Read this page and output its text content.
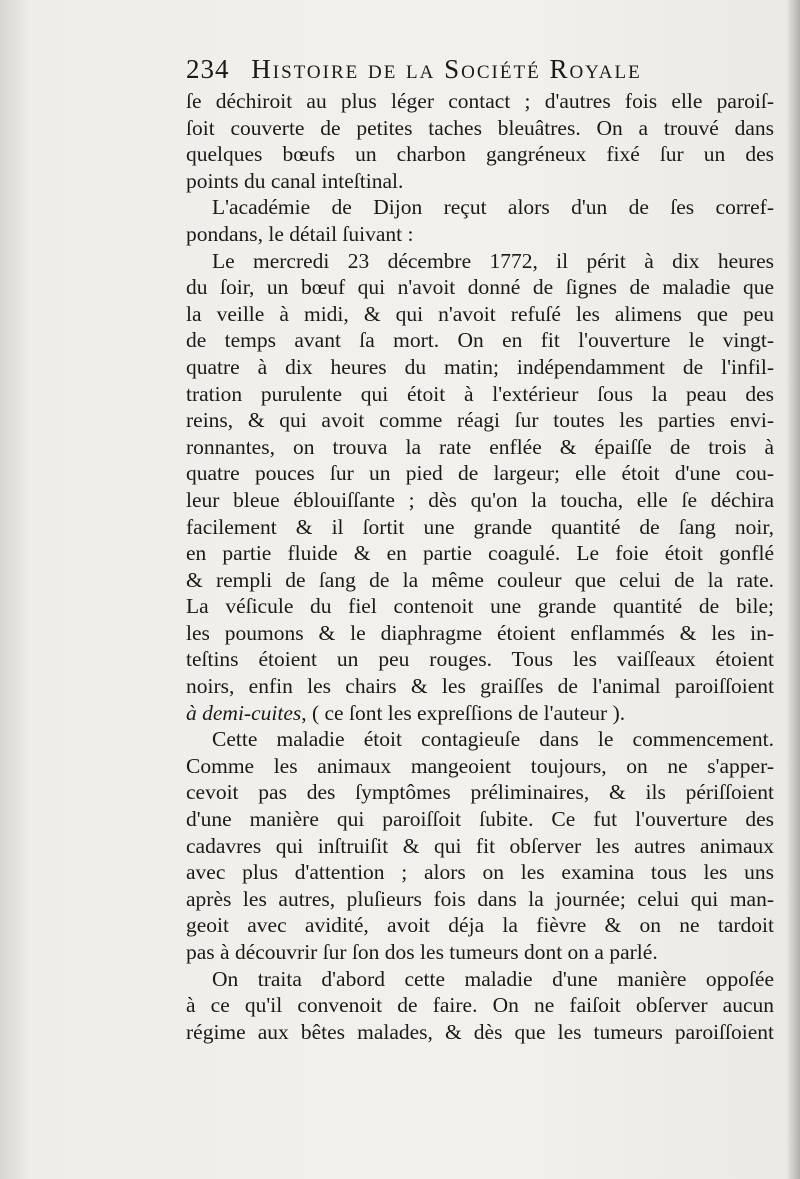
234 Histoire de la Société Royale
ſe déchiroit au plus léger contact ; d'autres fois elle paroiſ-
ſoit couverte de petites taches bleuâtres. On a trouvé dans
quelques bœufs un charbon gangréneux fixé ſur un des
points du canal inteſtinal.
L'académie de Dijon reçut alors d'un de ſes corref-
pondans, le détail ſuivant :
Le mercredi 23 décembre 1772, il périt à dix heures
du ſoir, un bœuf qui n'avoit donné de ſignes de maladie que
la veille à midi, & qui n'avoit refuſé les alimens que peu
de temps avant ſa mort. On en fit l'ouverture le vingt-
quatre à dix heures du matin; indépendamment de l'infil-
tration purulente qui étoit à l'extérieur ſous la peau des
reins, & qui avoit comme réagi ſur toutes les parties envi-
ronnantes, on trouva la rate enflée & épaiſſe de trois à
quatre pouces ſur un pied de largeur; elle étoit d'une cou-
leur bleue éblouiſſante ; dès qu'on la toucha, elle ſe déchira
facilement & il ſortit une grande quantité de ſang noir,
en partie fluide & en partie coagulé. Le foie étoit gonflé
& rempli de ſang de la même couleur que celui de la rate.
La véſicule du fiel contenoit une grande quantité de bile;
les poumons & le diaphragme étoient enflammés & les in-
teſtins étoient un peu rouges. Tous les vaiſſeaux étoient
noirs, enfin les chairs & les graiſſes de l'animal paroiſſoient
à demi-cuites, ( ce ſont les expreſſions de l'auteur ).
Cette maladie étoit contagieuſe dans le commencement.
Comme les animaux mangeoient toujours, on ne s'apper-
cevoit pas des ſymptômes préliminaires, & ils périſſoient
d'une manière qui paroiſſoit ſubite. Ce fut l'ouverture des
cadavres qui inſtruiſit & qui fit obſerver les autres animaux
avec plus d'attention ; alors on les examina tous les uns
après les autres, pluſieurs fois dans la journée; celui qui man-
geoit avec avidité, avoit déja la fièvre & on ne tardoit
pas à découvrir ſur ſon dos les tumeurs dont on a parlé.
On traita d'abord cette maladie d'une manière oppoſée
à ce qu'il convenoit de faire. On ne faiſoit obſerver aucun
régime aux bêtes malades, & dès que les tumeurs paroiſſoient
